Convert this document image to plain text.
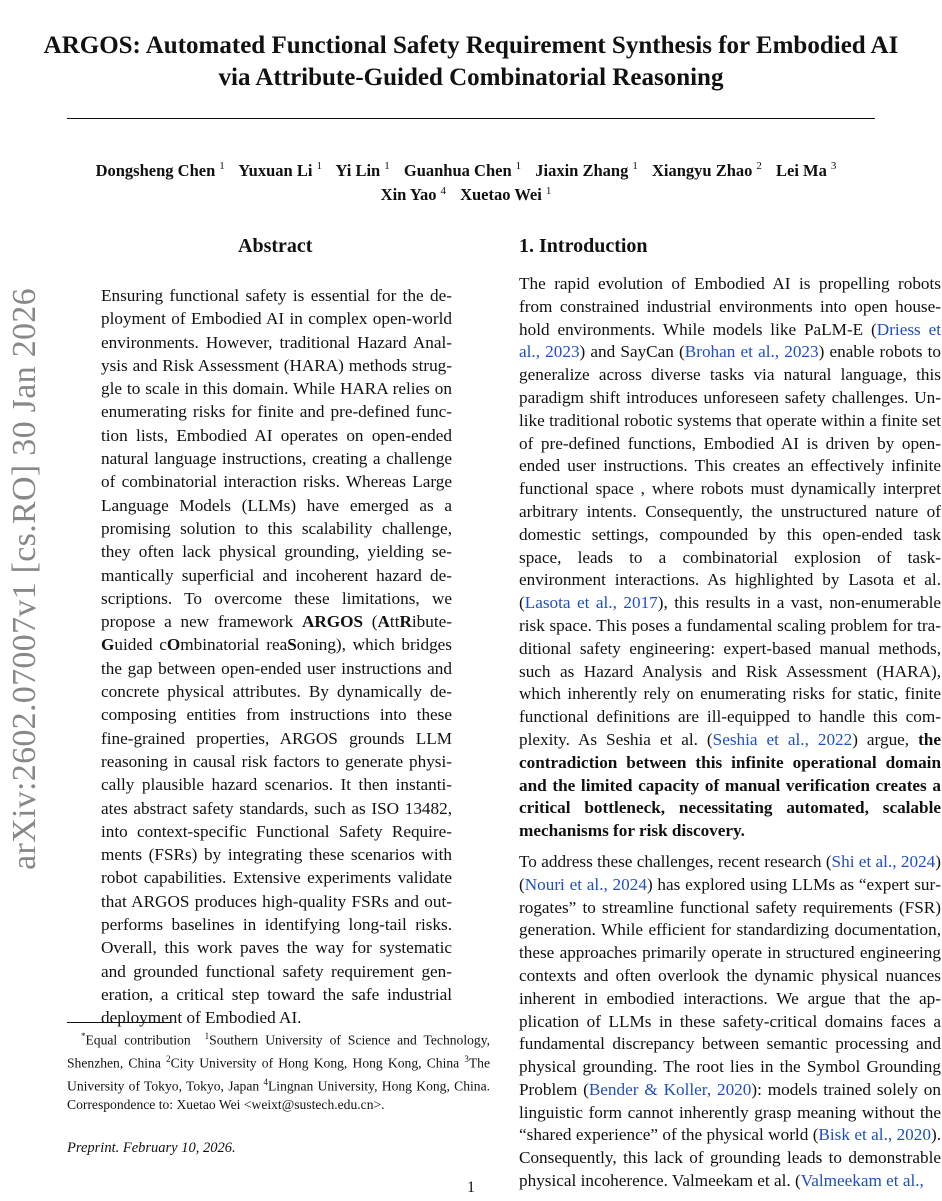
ARGOS: Automated Functional Safety Requirement Synthesis for Embodied AI
via Attribute-Guided Combinatorial Reasoning
Dongsheng Chen $^1$ Yuxuan Li $^1$ Yi Lin $^1$ Guanhua Chen $^1$ Jiaxin Zhang $^1$ Xiangyu Zhao $^2$ Lei Ma $^3$ Xin Yao $^4$ Xuetao Wei $^1$
arXiv:2602.07007v1 [cs.RO] 30 Jan 2026
Abstract

Ensuring functional safety is essential for the deployment of Embodied AI in complex open-world environments. However, traditional Hazard Analysis and Risk Assessment (HARA) methods struggle to scale in this domain. While HARA relies on enumerating risks for finite and pre-defined function lists, Embodied AI operates on open-ended natural language instructions, creating a challenge of combinatorial interaction risks. Whereas Large Language Models (LLMs) have emerged as a promising solution to this scalability challenge, they often lack physical grounding, yielding semantically superficial and incoherent hazard descriptions. To overcome these limitations, we propose a new framework ARGOS (AttRibute-Guided cOmbinatorial reaSoning), which bridges the gap between open-ended user instructions and concrete physical attributes. By dynamically decomposing entities from instructions into these fine-grained properties, ARGOS grounds LLM reasoning in causal risk factors to generate physically plausible hazard scenarios. It then instantiates abstract safety standards, such as ISO 13482, into context-specific Functional Safety Requirements (FSRs) by integrating these scenarios with robot capabilities. Extensive experiments validate that ARGOS produces high-quality FSRs and outperforms baselines in identifying long-tail risks. Overall, this work paves the way for systematic and grounded functional safety requirement generation, a critical step toward the safe industrial deployment of Embodied AI.

1. Introduction

The rapid evolution of Embodied AI is propelling robots from constrained industrial environments into open household environments. While models like PaLM-E (Driess et al., 2023) and SayCan (Brohan et al., 2023) enable robots to generalize across diverse tasks via natural language, this paradigm shift introduces unforeseen safety challenges. Unlike traditional robotic systems that operate within a finite set of pre-defined functions, Embodied AI is driven by open-ended user instructions. This creates an effectively infinite functional space , where robots must dynamically interpret arbitrary intents. Consequently, the unstructured nature of domestic settings, compounded by this open-ended task space, leads to a combinatorial explosion of task-environment interactions. As highlighted by Lasota et al. (Lasota et al., 2017), this results in a vast, non-enumerable risk space. This poses a fundamental scaling problem for traditional safety engineering: expert-based manual methods, such as Hazard Analysis and Risk Assessment (HARA), which inherently rely on enumerating risks for static, finite functional definitions are ill-equipped to handle this complexity. As Seshia et al. (Seshia et al., 2022) argue, the contradiction between this infinite operational domain and the limited capacity of manual verification creates a critical bottleneck, necessitating automated, scalable mechanisms for risk discovery.

To address these challenges, recent research (Shi et al., 2024) (Nouri et al., 2024) has explored using LLMs as “expert surrogates” to streamline functional safety requirements (FSR) generation. While efficient for standardizing documentation, these approaches primarily operate in structured engineering contexts and often overlook the dynamic physical nuances inherent in embodied interactions. We argue that the application of LLMs in these safety-critical domains faces a fundamental discrepancy between semantic processing and physical grounding. The root lies in the Symbol Grounding Problem (Bender & Koller, 2020): models trained solely on linguistic form cannot inherently grasp meaning without the “shared experience” of the physical world (Bisk et al., 2020). Consequently, this lack of grounding leads to demonstrable physical incoherence. Valmeekam et al. (Valmeekam et al.,

*Equal contribution $^1$Southern University of Science and Technology, Shenzhen, China $^2$City University of Hong Kong, Hong Kong, China $^3$The University of Tokyo, Tokyo, Japan $^4$Lingnan University, Hong Kong, China. Correspondence to: Xuetao Wei <weixt@sustech.edu.cn>.
Preprint. February 10, 2026.
1
